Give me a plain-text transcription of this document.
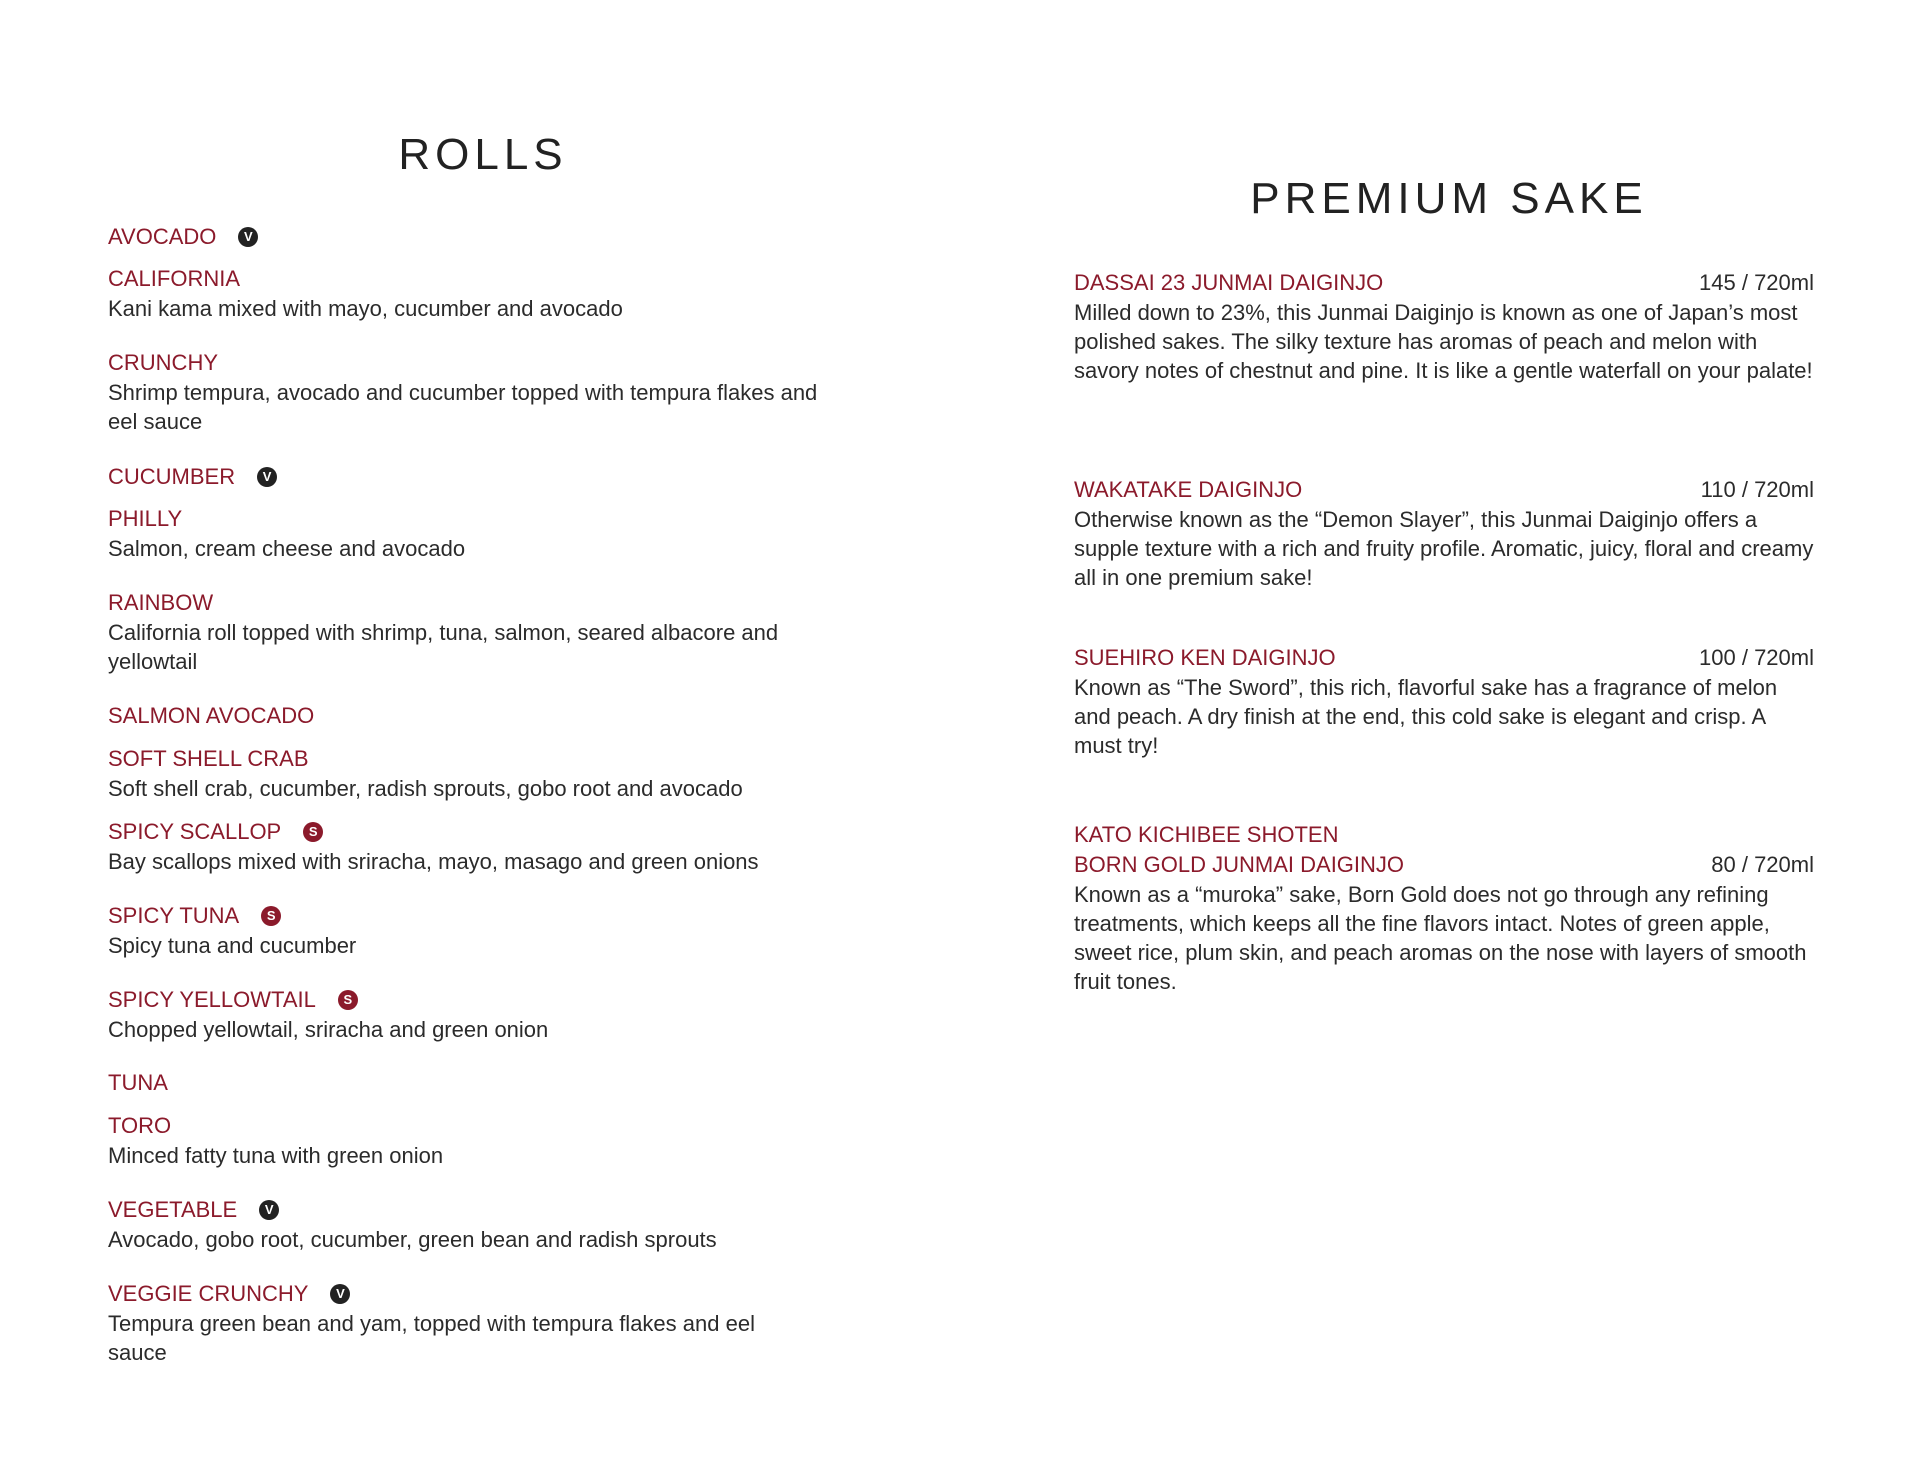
ROLLS
AVOCADO	V
CALIFORNIA
Kani kama mixed with mayo, cucumber and avocado
CRUNCHY
Shrimp tempura, avocado and cucumber topped with tempura flakes and eel sauce
CUCUMBER	V
PHILLY
Salmon, cream cheese and avocado
RAINBOW
California roll topped with shrimp, tuna, salmon, seared albacore and yellowtail
SALMON AVOCADO
SOFT SHELL CRAB
Soft shell crab, cucumber, radish sprouts, gobo root and avocado
SPICY SCALLOP	S
Bay scallops mixed with sriracha, mayo, masago and green onions
SPICY TUNA	S
Spicy tuna and cucumber
SPICY YELLOWTAIL	S
Chopped yellowtail, sriracha and green onion
TUNA
TORO
Minced fatty tuna with green onion
VEGETABLE	V
Avocado, gobo root, cucumber, green bean and radish sprouts
VEGGIE CRUNCHY	V
Tempura green bean and yam, topped with tempura flakes and eel sauce
PREMIUM SAKE
DASSAI 23 JUNMAI DAIGINJO	145 / 720ml
Milled down to 23%, this Junmai Daiginjo is known as one of Japan’s most polished sakes. The silky texture has aromas of peach and melon with savory notes of chestnut and pine. It is like a gentle waterfall on your palate!
WAKATAKE DAIGINJO	110 / 720ml
Otherwise known as the “Demon Slayer”, this Junmai Daiginjo offers a supple texture with a rich and fruity profile. Aromatic, juicy, floral and creamy all in one premium sake!
SUEHIRO KEN DAIGINJO	100 / 720ml
Known as “The Sword”, this rich, flavorful sake has a fragrance of melon and peach. A dry finish at the end, this cold sake is elegant and crisp. A must try!
KATO KICHIBEE SHOTEN
BORN GOLD JUNMAI DAIGINJO	80 / 720ml
Known as a “muroka” sake, Born Gold does not go through any refining treatments, which keeps all the fine flavors intact. Notes of green apple, sweet rice, plum skin, and peach aromas on the nose with layers of smooth fruit tones.
